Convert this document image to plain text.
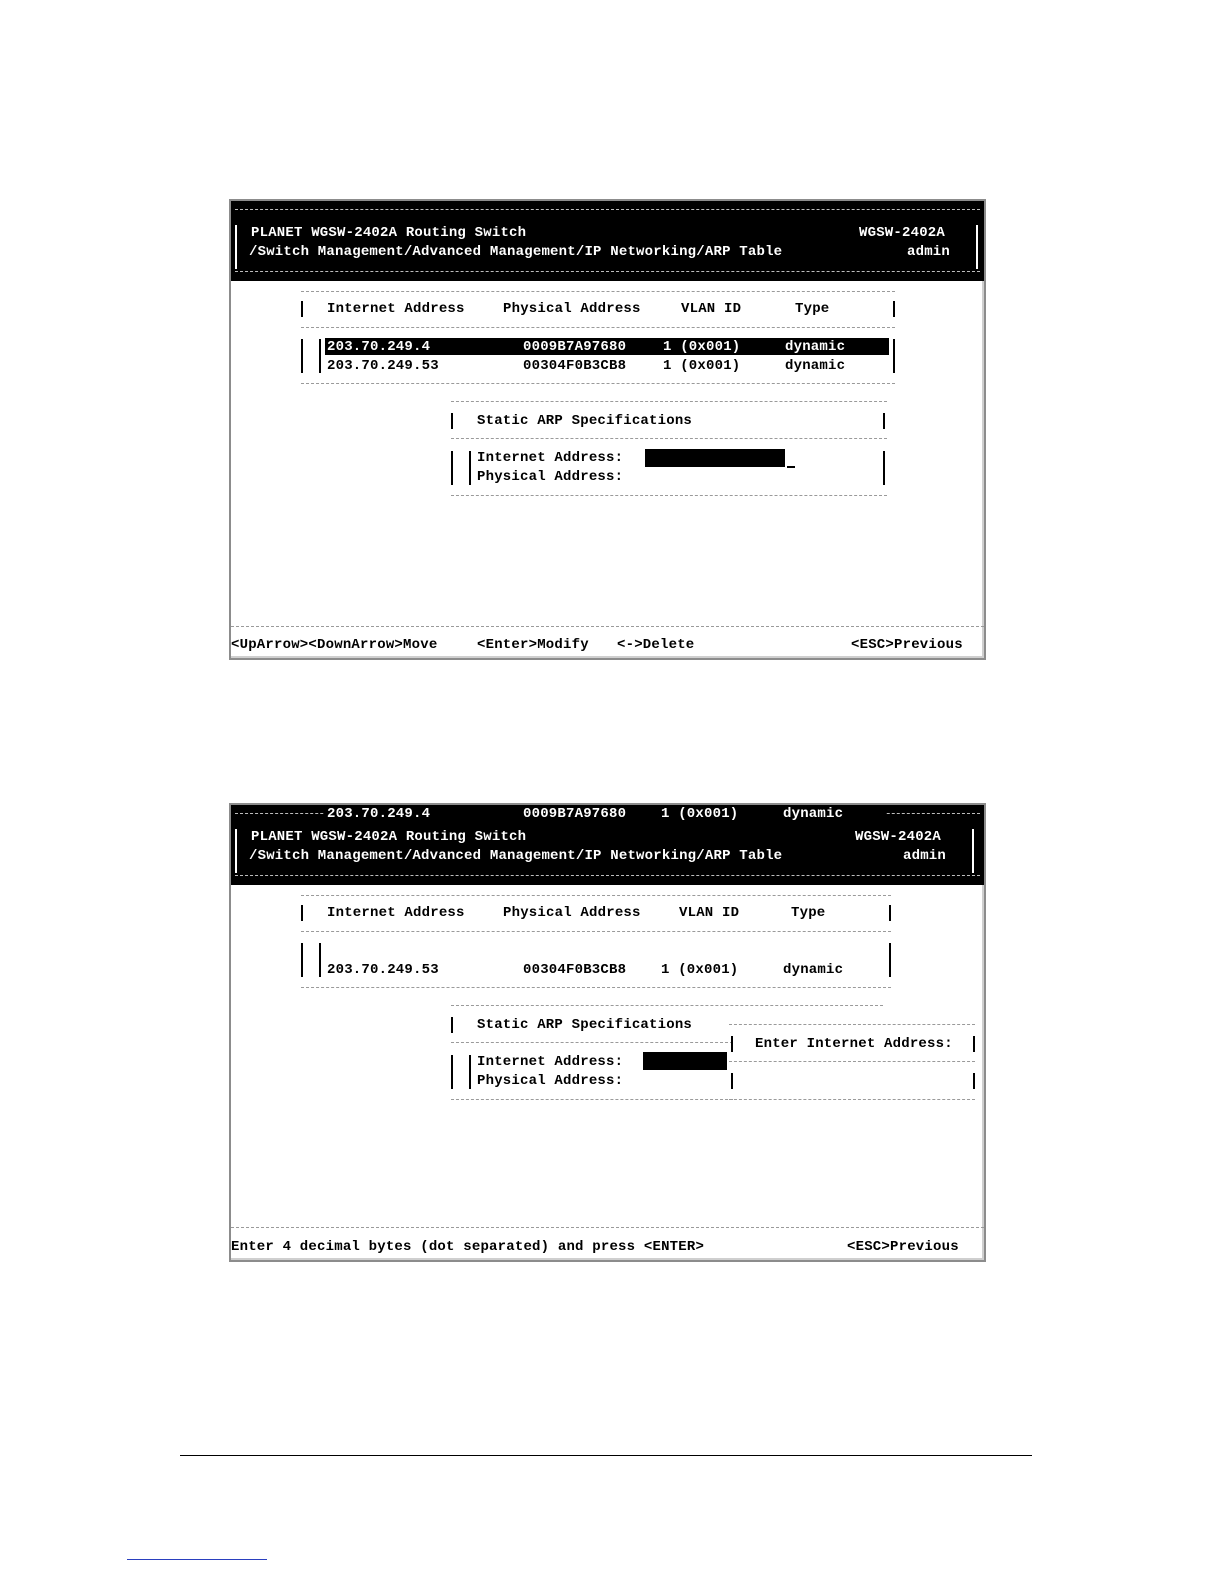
PLANET WGSW-2402A Routing Switch	WGSW-2402A
/Switch Management/Advanced Management/IP Networking/ARP Table	admin
Internet Address	Physical Address	VLAN ID	Type
203.70.249.4	0009B7A97680	1 (0x001)	dynamic
203.70.249.53	00304F0B3CB8	1 (0x001)	dynamic
Static ARP Specifications
Internet Address:
Physical Address:
<UpArrow><DownArrow>Move	<Enter>Modify <->Delete	<ESC>Previous
PLANET WGSW-2402A Routing Switch	WGSW-2402A
/Switch Management/Advanced Management/IP Networking/ARP Table	admin
Internet Address	Physical Address	VLAN ID	Type
203.70.249.4	0009B7A97680 1 (0x001)	dynamic
203.70.249.53	00304F0B3CB8 1 (0x001)	dynamic
Static ARP Specifications
Internet Address:
Physical Address:
Enter Internet Address:
Enter 4 decimal bytes (dot separated) and press <ENTER>	<ESC>Previous
